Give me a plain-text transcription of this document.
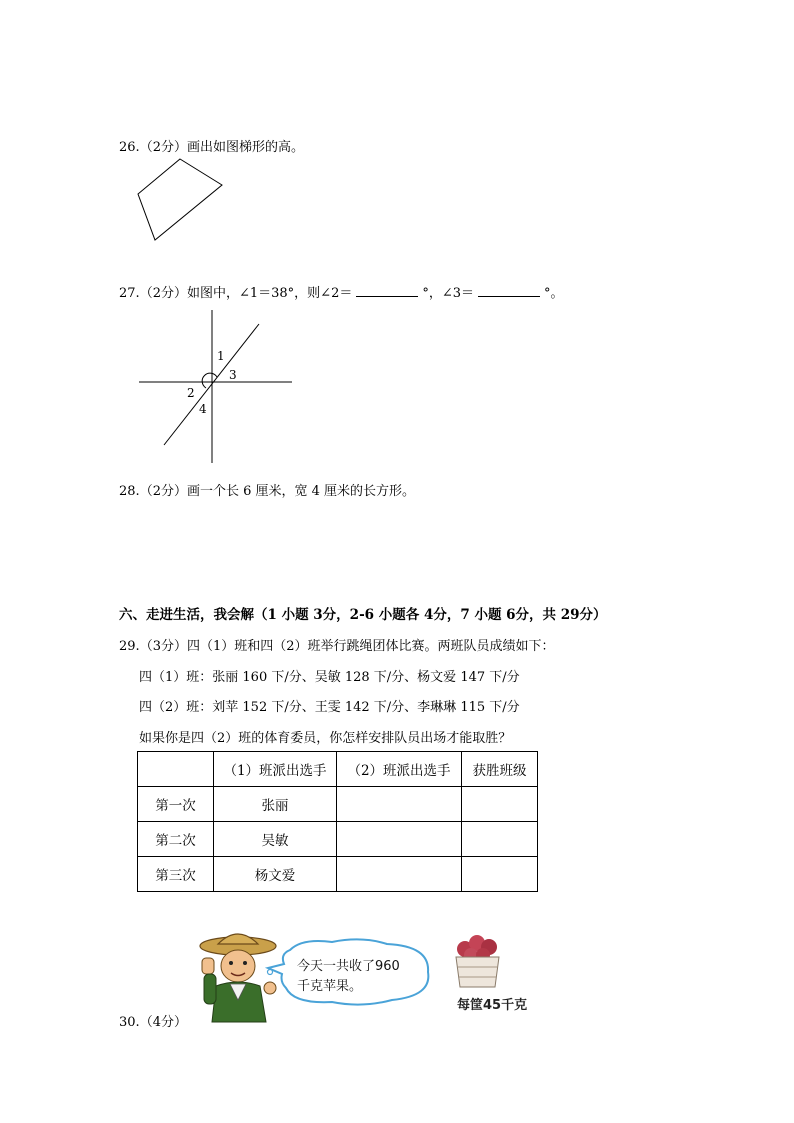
26.（2分）画出如图梯形的高。
27.（2分）如图中，∠1＝38°，则∠2＝	°，∠3＝	°。
1
3
2
4
28.（2分）画一个长 6 厘米，宽 4 厘米的长方形。
六、走进生活，我会解（1 小题 3分，2-6 小题各 4分，7 小题 6分，共 29分）
29.（3分）四（1）班和四（2）班举行跳绳团体比赛。两班队员成绩如下：
四（1）班：张丽 160 下/分、吴敏 128 下/分、杨文爱 147 下/分
四（2）班：刘苹 152 下/分、王雯 142 下/分、李琳琳 115 下/分
如果你是四（2）班的体育委员，你怎样安排队员出场才能取胜？
	（1）班派出选手	（2）班派出选手	获胜班级
第一次	张丽		
第二次	吴敏		
第三次	杨文爱		
今天一共收了960
千克苹果。
每筐45千克
30.（4分）
